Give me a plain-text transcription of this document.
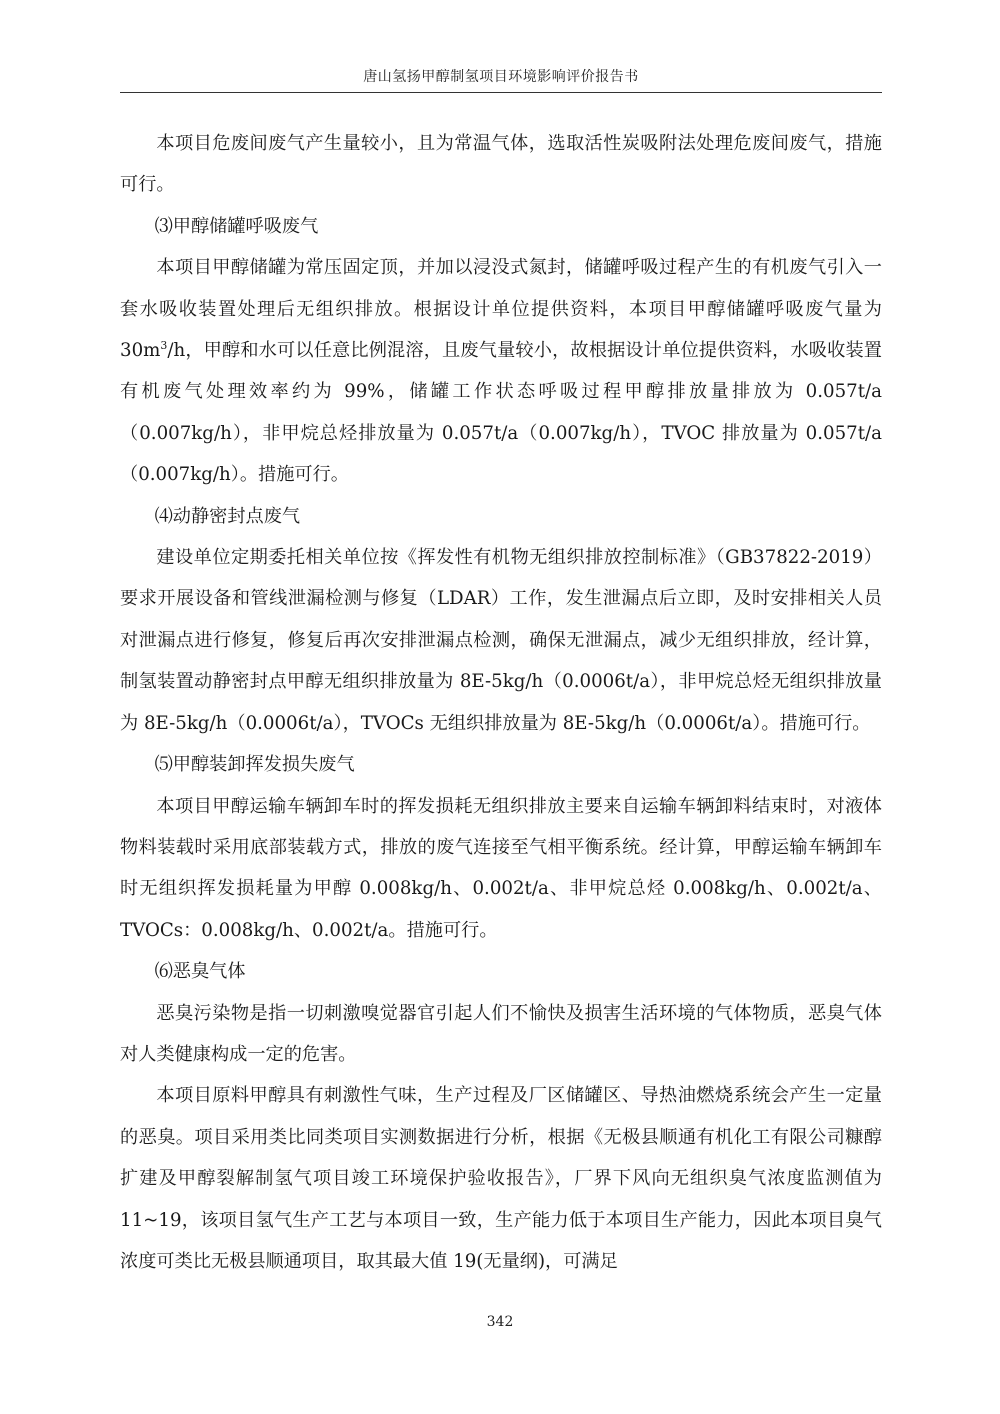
唐山氢扬甲醇制氢项目环境影响评价报告书

本项目危废间废气产生量较小，且为常温气体，选取活性炭吸附法处理危废间废气，措施可行。

⑶甲醇储罐呼吸废气

本项目甲醇储罐为常压固定顶，并加以浸没式氮封，储罐呼吸过程产生的有机废气引入一套水吸收装置处理后无组织排放。根据设计单位提供资料，本项目甲醇储罐呼吸废气量为 $30m^3/h$，甲醇和水可以任意比例混溶，且废气量较小，故根据设计单位提供资料，水吸收装置有机废气处理效率约为 99%，储罐工作状态呼吸过程甲醇排放量排放为 0.057t/a（0.007kg/h），非甲烷总烃排放量为 0.057t/a（0.007kg/h），TVOC 排放量为 0.057t/a（0.007kg/h）。措施可行。

⑷动静密封点废气

建设单位定期委托相关单位按《挥发性有机物无组织排放控制标准》（GB37822-2019）要求开展设备和管线泄漏检测与修复（LDAR）工作，发生泄漏点后立即，及时安排相关人员对泄漏点进行修复，修复后再次安排泄漏点检测，确保无泄漏点，减少无组织排放，经计算，制氢装置动静密封点甲醇无组织排放量为 8E-5kg/h（0.0006t/a），非甲烷总烃无组织排放量为 8E-5kg/h（0.0006t/a），TVOCs 无组织排放量为 8E-5kg/h（0.0006t/a）。措施可行。

⑸甲醇装卸挥发损失废气

本项目甲醇运输车辆卸车时的挥发损耗无组织排放主要来自运输车辆卸料结束时，对液体物料装载时采用底部装载方式，排放的废气连接至气相平衡系统。经计算，甲醇运输车辆卸车时无组织挥发损耗量为甲醇 0.008kg/h、0.002t/a、非甲烷总烃 0.008kg/h、0.002t/a、TVOCs：0.008kg/h、0.002t/a。措施可行。

⑹恶臭气体

恶臭污染物是指一切刺激嗅觉器官引起人们不愉快及损害生活环境的气体物质，恶臭气体对人类健康构成一定的危害。

本项目原料甲醇具有刺激性气味，生产过程及厂区储罐区、导热油燃烧系统会产生一定量的恶臭。项目采用类比同类项目实测数据进行分析，根据《无极县顺通有机化工有限公司糠醇扩建及甲醇裂解制氢气项目竣工环境保护验收报告》，厂界下风向无组织臭气浓度监测值为 11~19，该项目氢气生产工艺与本项目一致，生产能力低于本项目生产能力，因此本项目臭气浓度可类比无极县顺通项目，取其最大值 19(无量纲)，可满足

342
